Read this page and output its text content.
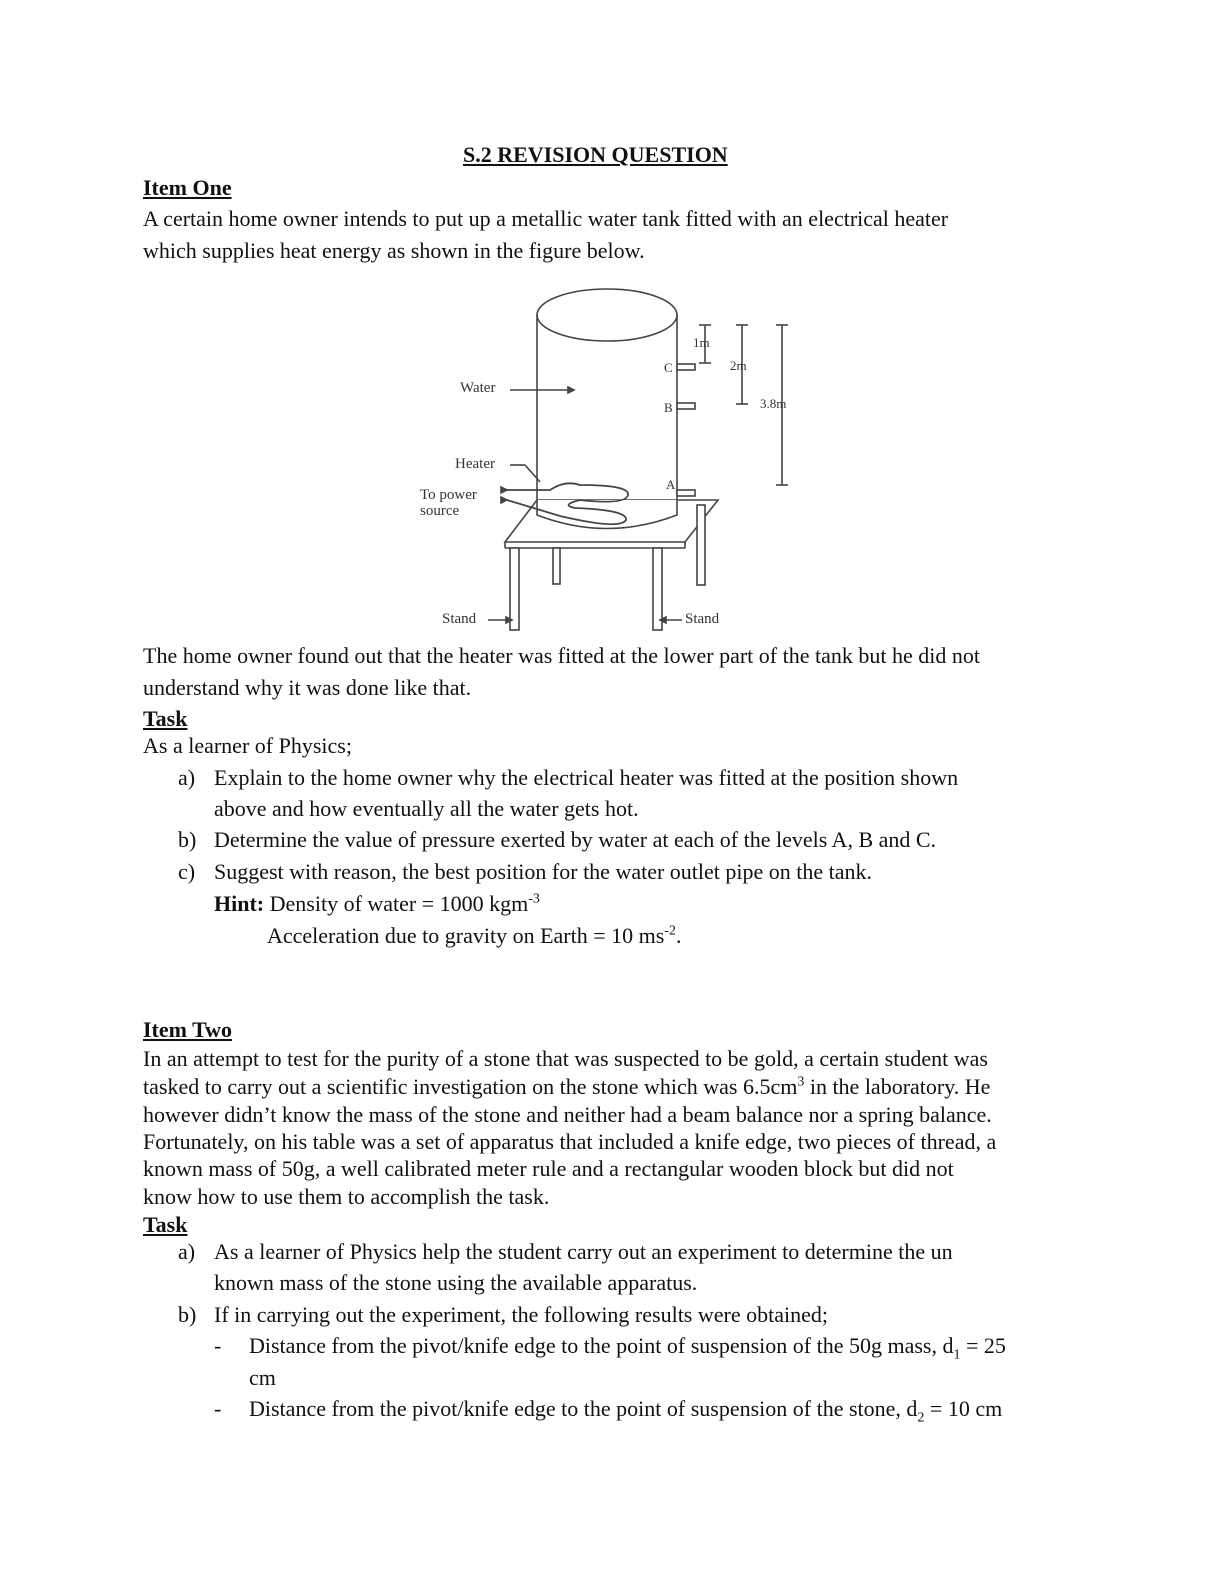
S.2 REVISION QUESTION
Item One
A certain home owner intends to put up a metallic water tank fitted with an electrical heater
which supplies heat energy as shown in the figure below.
Water
Heater
To power
source
Stand	Stand
A
B
C
1m
2m
3.8m
The home owner found out that the heater was fitted at the lower part of the tank but he did not
understand why it was done like that.
Task
As a learner of Physics;
a) Explain to the home owner why the electrical heater was fitted at the position shown
above and how eventually all the water gets hot.
b) Determine the value of pressure exerted by water at each of the levels A, B and C.
c) Suggest with reason, the best position for the water outlet pipe on the tank.
Hint: Density of water = 1000 kgm$^{-3}$
Acceleration due to gravity on Earth = 10 $ms^{-2}$.
Item Two
In an attempt to test for the purity of a stone that was suspected to be gold, a certain student was
tasked to carry out a scientific investigation on the stone which was $6.5cm^3$ in the laboratory. He
however didn’t know the mass of the stone and neither had a beam balance nor a spring balance.
Fortunately, on his table was a set of apparatus that included a knife edge, two pieces of thread, a
known mass of 50g, a well calibrated meter rule and a rectangular wooden block but did not
know how to use them to accomplish the task.
Task
a) As a learner of Physics help the student carry out an experiment to determine the un
known mass of the stone using the available apparatus.
b) If in carrying out the experiment, the following results were obtained;
- Distance from the pivot/knife edge to the point of suspension of the 50g mass, $d_1 = 25$
cm
- Distance from the pivot/knife edge to the point of suspension of the stone, $d_2 = 10$ cm
